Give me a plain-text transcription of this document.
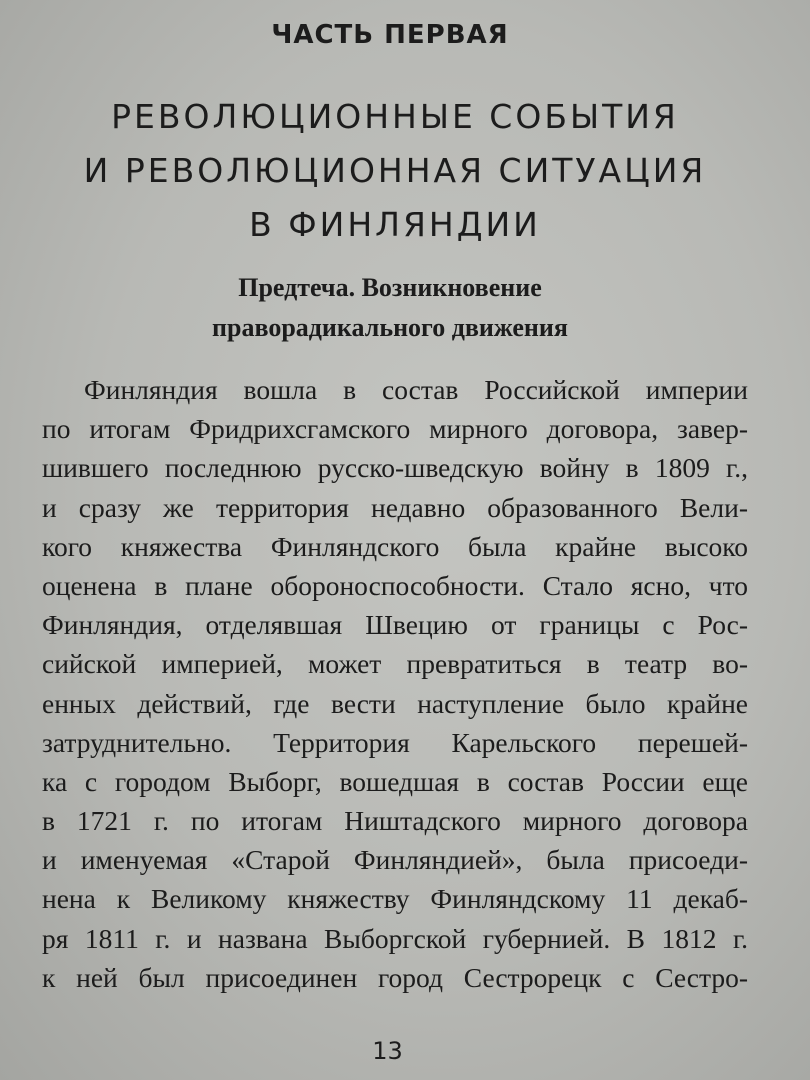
ЧАСТЬ ПЕРВАЯ
РЕВОЛЮЦИОННЫЕ СОБЫТИЯ
И РЕВОЛЮЦИОННАЯ СИТУАЦИЯ
В ФИНЛЯНДИИ
Предтеча. Возникновение
праворадикального движения
Финляндия вошла в состав Российской империи
по итогам Фридрихсгамского мирного договора, завер-
шившего последнюю русско-шведскую войну в 1809 г.,
и сразу же территория недавно образованного Вели-
кого княжества Финляндского была крайне высоко
оценена в плане обороноспособности. Стало ясно, что
Финляндия, отделявшая Швецию от границы с Рос-
сийской империей, может превратиться в театр во-
енных действий, где вести наступление было крайне
затруднительно. Территория Карельского перешей-
ка с городом Выборг, вошедшая в состав России еще
в 1721 г. по итогам Ништадского мирного договора
и именуемая «Старой Финляндией», была присоеди-
нена к Великому княжеству Финляндскому 11 декаб-
ря 1811 г. и названа Выборгской губернией. В 1812 г.
к ней был присоединен город Сестрорецк с Сестро-
13
